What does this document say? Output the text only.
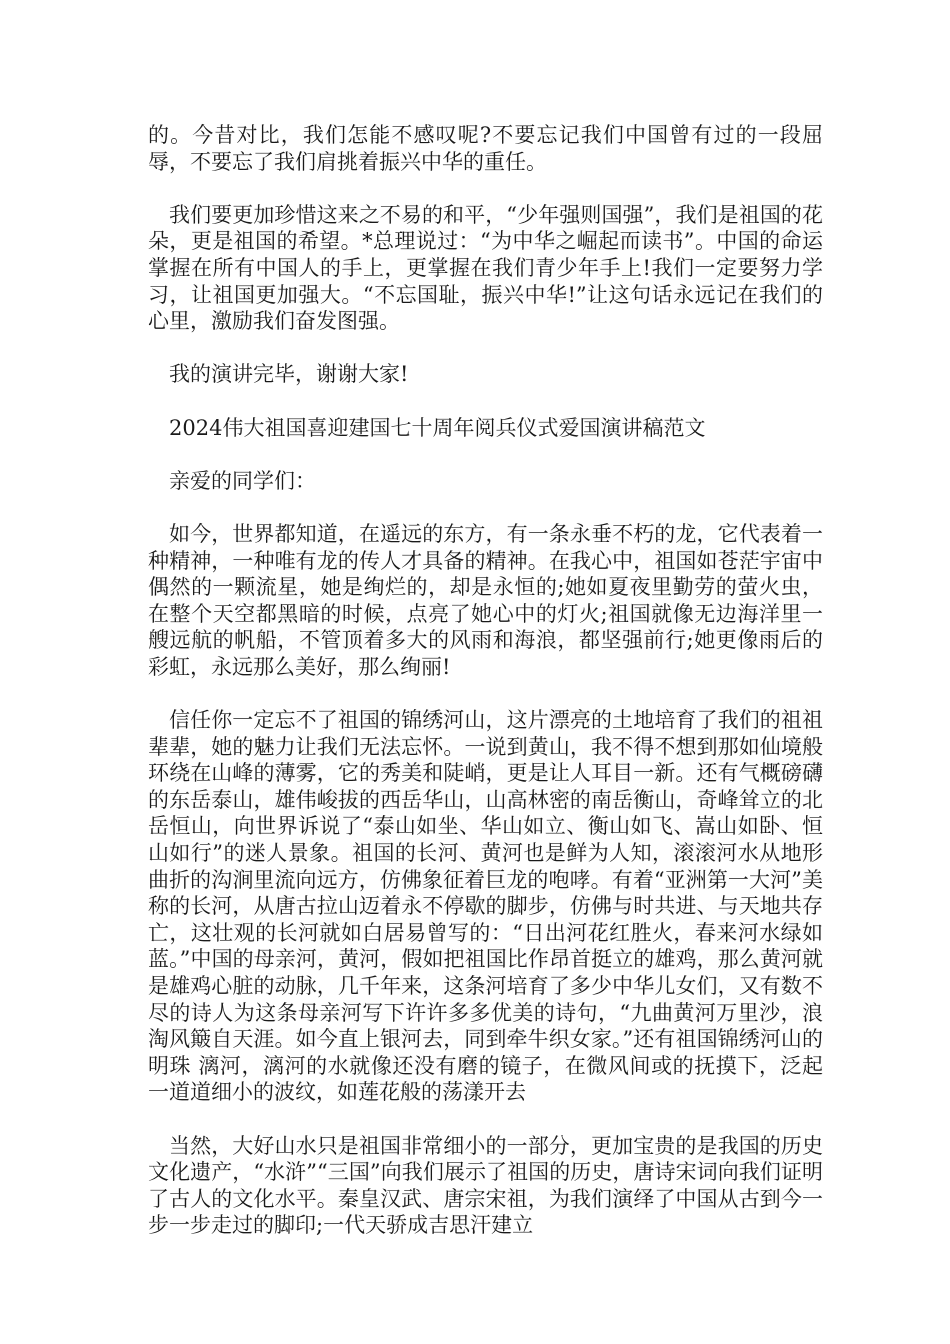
的。今昔对比，我们怎能不感叹呢?不要忘记我们中国曾有过的一段屈辱，不要忘了我们肩挑着振兴中华的重任。

我们要更加珍惜这来之不易的和平，“少年强则国强”，我们是祖国的花朵，更是祖国的希望。*总理说过：“为中华之崛起而读书”。中国的命运掌握在所有中国人的手上，更掌握在我们青少年手上!我们一定要努力学习，让祖国更加强大。“不忘国耻，振兴中华!”让这句话永远记在我们的心里，激励我们奋发图强。

我的演讲完毕，谢谢大家!

2024伟大祖国喜迎建国七十周年阅兵仪式爱国演讲稿范文

亲爱的同学们：

如今，世界都知道，在遥远的东方，有一条永垂不朽的龙，它代表着一种精神，一种唯有龙的传人才具备的精神。在我心中，祖国如苍茫宇宙中偶然的一颗流星，她是绚烂的，却是永恒的;她如夏夜里勤劳的萤火虫，在整个天空都黑暗的时候，点亮了她心中的灯火;祖国就像无边海洋里一艘远航的帆船，不管顶着多大的风雨和海浪，都坚强前行;她更像雨后的彩虹，永远那么美好，那么绚丽!

信任你一定忘不了祖国的锦绣河山，这片漂亮的土地培育了我们的祖祖辈辈，她的魅力让我们无法忘怀。一说到黄山，我不得不想到那如仙境般环绕在山峰的薄雾，它的秀美和陡峭，更是让人耳目一新。还有气概磅礴的东岳泰山，雄伟峻拔的西岳华山，山高林密的南岳衡山，奇峰耸立的北岳恒山，向世界诉说了“泰山如坐、华山如立、衡山如飞、嵩山如卧、恒山如行”的迷人景象。祖国的长河、黄河也是鲜为人知，滚滚河水从地形曲折的沟涧里流向远方，仿佛象征着巨龙的咆哮。有着“亚洲第一大河”美称的长河，从唐古拉山迈着永不停歇的脚步，仿佛与时共进、与天地共存亡，这壮观的长河就如白居易曾写的：“日出河花红胜火，春来河水绿如蓝。”中国的母亲河，黄河，假如把祖国比作昂首挺立的雄鸡，那么黄河就是雄鸡心脏的动脉，几千年来，这条河培育了多少中华儿女们，又有数不尽的诗人为这条母亲河写下许许多多优美的诗句，“九曲黄河万里沙，浪淘风簸自天涯。如今直上银河去，同到牵牛织女家。”还有祖国锦绣河山的明珠 漓河，漓河的水就像还没有磨的镜子，在微风间或的抚摸下，泛起一道道细小的波纹，如莲花般的荡漾开去

当然，大好山水只是祖国非常细小的一部分，更加宝贵的是我国的历史文化遗产，“水浒”“三国”向我们展示了祖国的历史，唐诗宋词向我们证明了古人的文化水平。秦皇汉武、唐宗宋祖，为我们演绎了中国从古到今一步一步走过的脚印;一代天骄成吉思汗建立
